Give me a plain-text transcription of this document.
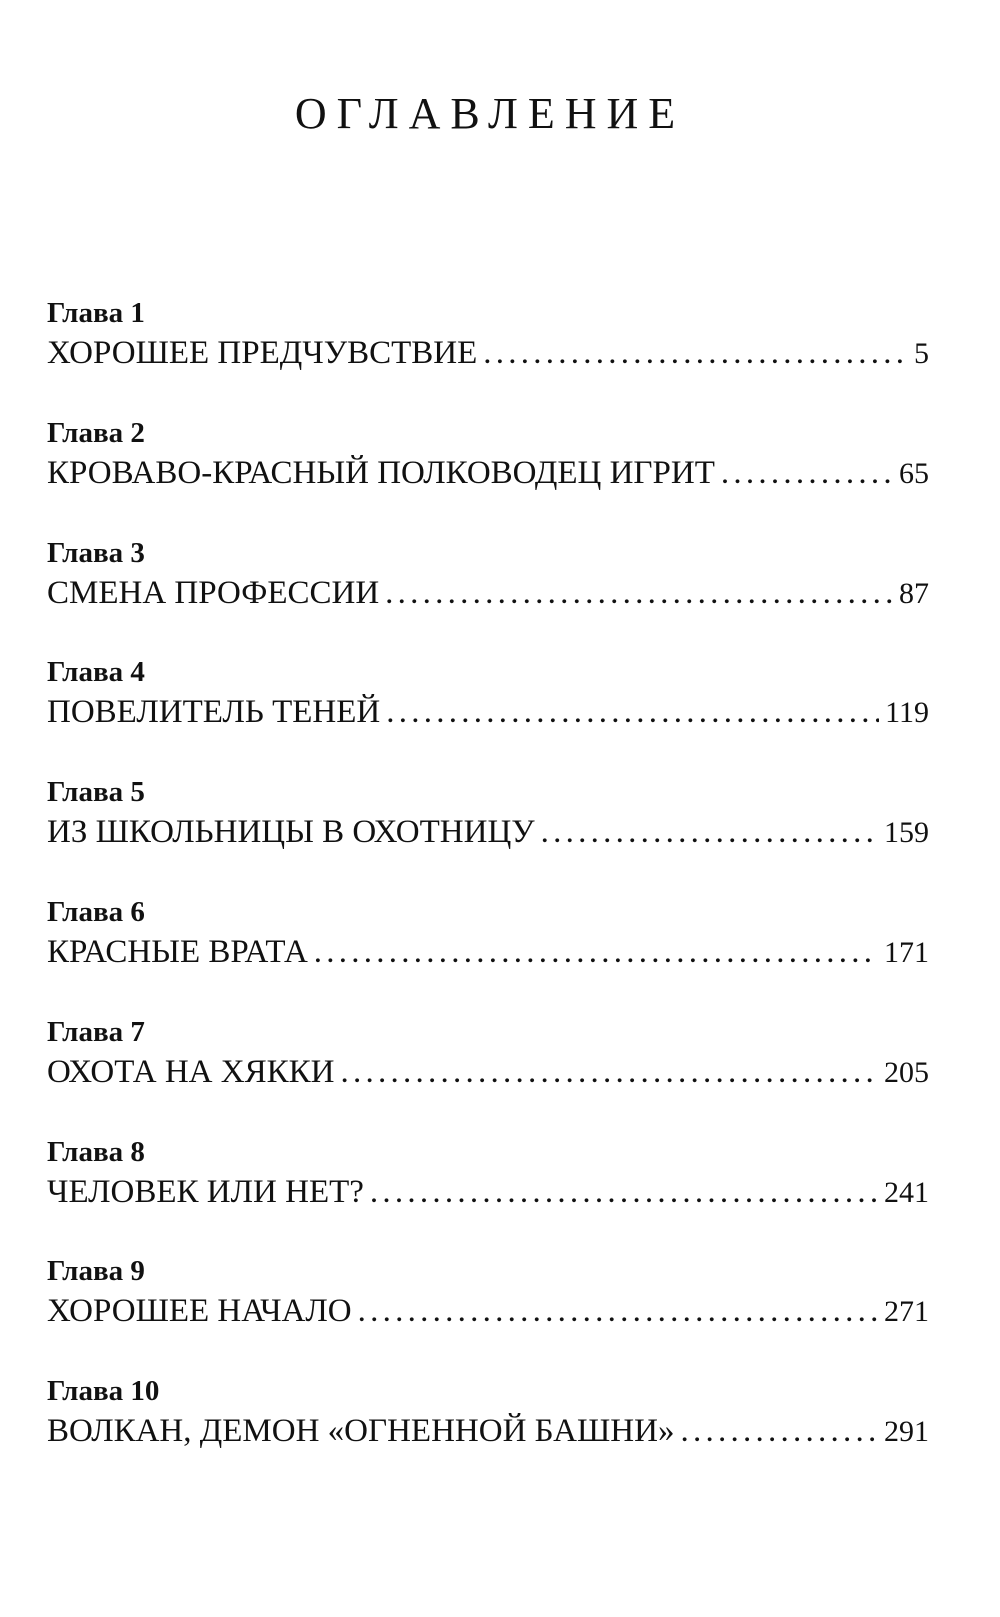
ОГЛАВЛЕНИЕ
Глава 1
ХОРОШЕЕ ПРЕДЧУВСТВИЕ . . .	5
Глава 2
КРОВАВО-КРАСНЫЙ ПОЛКОВОДЕЦ ИГРИТ . . .	65
Глава 3
СМЕНА ПРОФЕССИИ . . .	87
Глава 4
ПОВЕЛИТЕЛЬ ТЕНЕЙ . . .	119
Глава 5
ИЗ ШКОЛЬНИЦЫ В ОХОТНИЦУ . . .	159
Глава 6
КРАСНЫЕ ВРАТА . . .	171
Глава 7
ОХОТА НА ХЯККИ . . .	205
Глава 8
ЧЕЛОВЕК ИЛИ НЕТ? . . .	241
Глава 9
ХОРОШЕЕ НАЧАЛО . . .	271
Глава 10
ВОЛКАН, ДЕМОН «ОГНЕННОЙ БАШНИ» . . .	291
